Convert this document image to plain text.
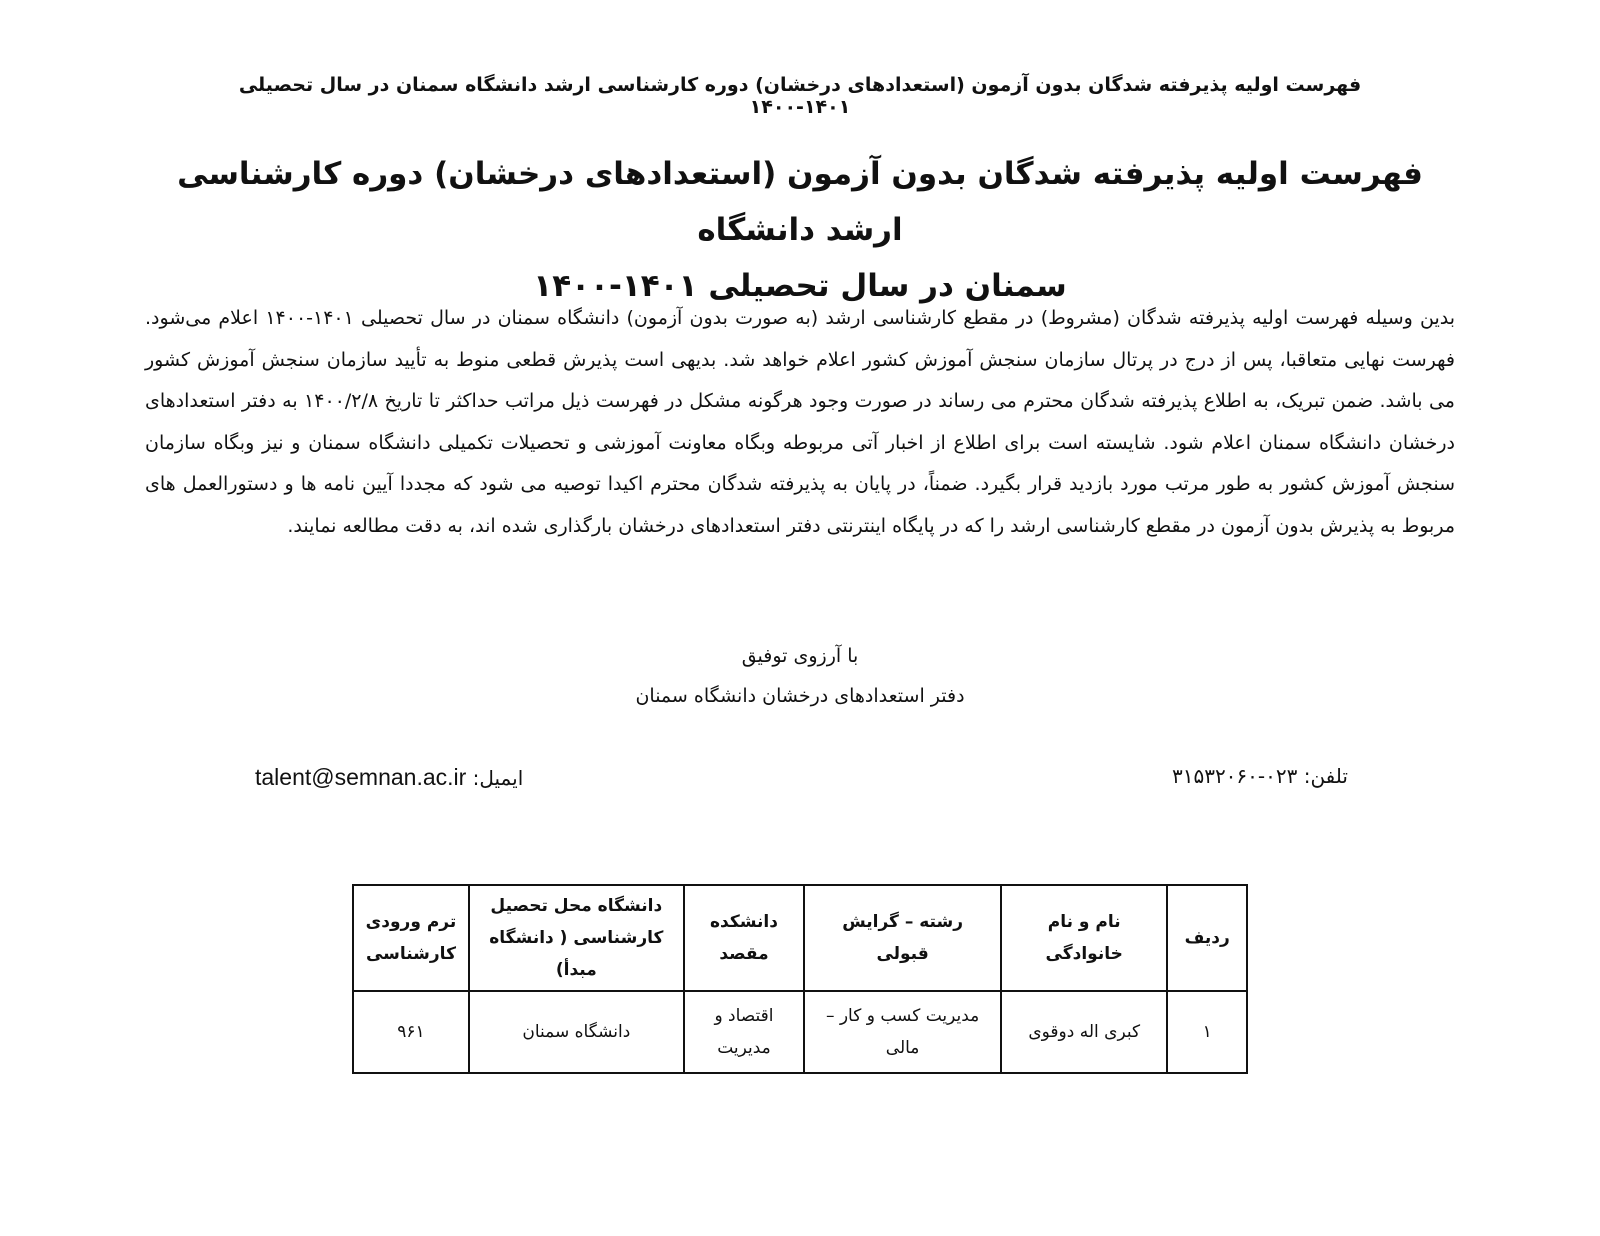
فهرست اولیه پذیرفته شدگان بدون آزمون (استعدادهای درخشان) دوره کارشناسی ارشد دانشگاه سمنان در سال تحصیلی ۱۴۰۱-۱۴۰۰
فهرست اولیه پذیرفته شدگان بدون آزمون (استعدادهای درخشان) دوره کارشناسی ارشد دانشگاه
سمنان در سال تحصیلی ۱۴۰۱-۱۴۰۰
بدین وسیله فهرست اولیه پذیرفته شدگان (مشروط) در مقطع کارشناسی ارشد (به صورت بدون آزمون) دانشگاه سمنان در سال تحصیلی ۱۴۰۱-۱۴۰۰ اعلام می‌شود. فهرست نهایی متعاقبا، پس از درج در پرتال سازمان سنجش آموزش کشور اعلام خواهد شد. بدیهی است پذیرش قطعی منوط به تأیید سازمان سنجش آموزش کشور می باشد. ضمن تبریک، به اطلاع پذیرفته شدگان محترم می رساند در صورت وجود هرگونه مشکل در فهرست ذیل مراتب حداکثر تا تاریخ ۱۴۰۰/۲/۸ به دفتر استعدادهای درخشان دانشگاه سمنان اعلام شود. شایسته است برای اطلاع از اخبار آتی مربوطه وبگاه معاونت آموزشی و تحصیلات تکمیلی دانشگاه سمنان و نیز وبگاه سازمان سنجش آموزش کشور به طور مرتب مورد بازدید قرار بگیرد. ضمناً، در پایان به پذیرفته شدگان محترم اکیدا توصیه می شود که مجددا آیین نامه ها و دستورالعمل های مربوط به پذیرش بدون آزمون در مقطع کارشناسی ارشد را که در پایگاه اینترنتی دفتر استعدادهای درخشان بارگذاری شده اند، به دقت مطالعه نمایند.
با آرزوی توفیق
دفتر استعدادهای درخشان دانشگاه سمنان
تلفن: ۰۲۳-۳۱۵۳۲۰۶۰
ایمیل: talent@semnan.ac.ir
ردیف	نام و نام خانوادگی	رشته – گرایش قبولی	دانشکده مقصد	دانشگاه محل تحصیل کارشناسی ( دانشگاه مبدأ)	ترم ورودی کارشناسی
۱	کبری اله دوقوی	مدیریت کسب و کار – مالی	اقتصاد و مدیریت	دانشگاه سمنان	۹۶۱
